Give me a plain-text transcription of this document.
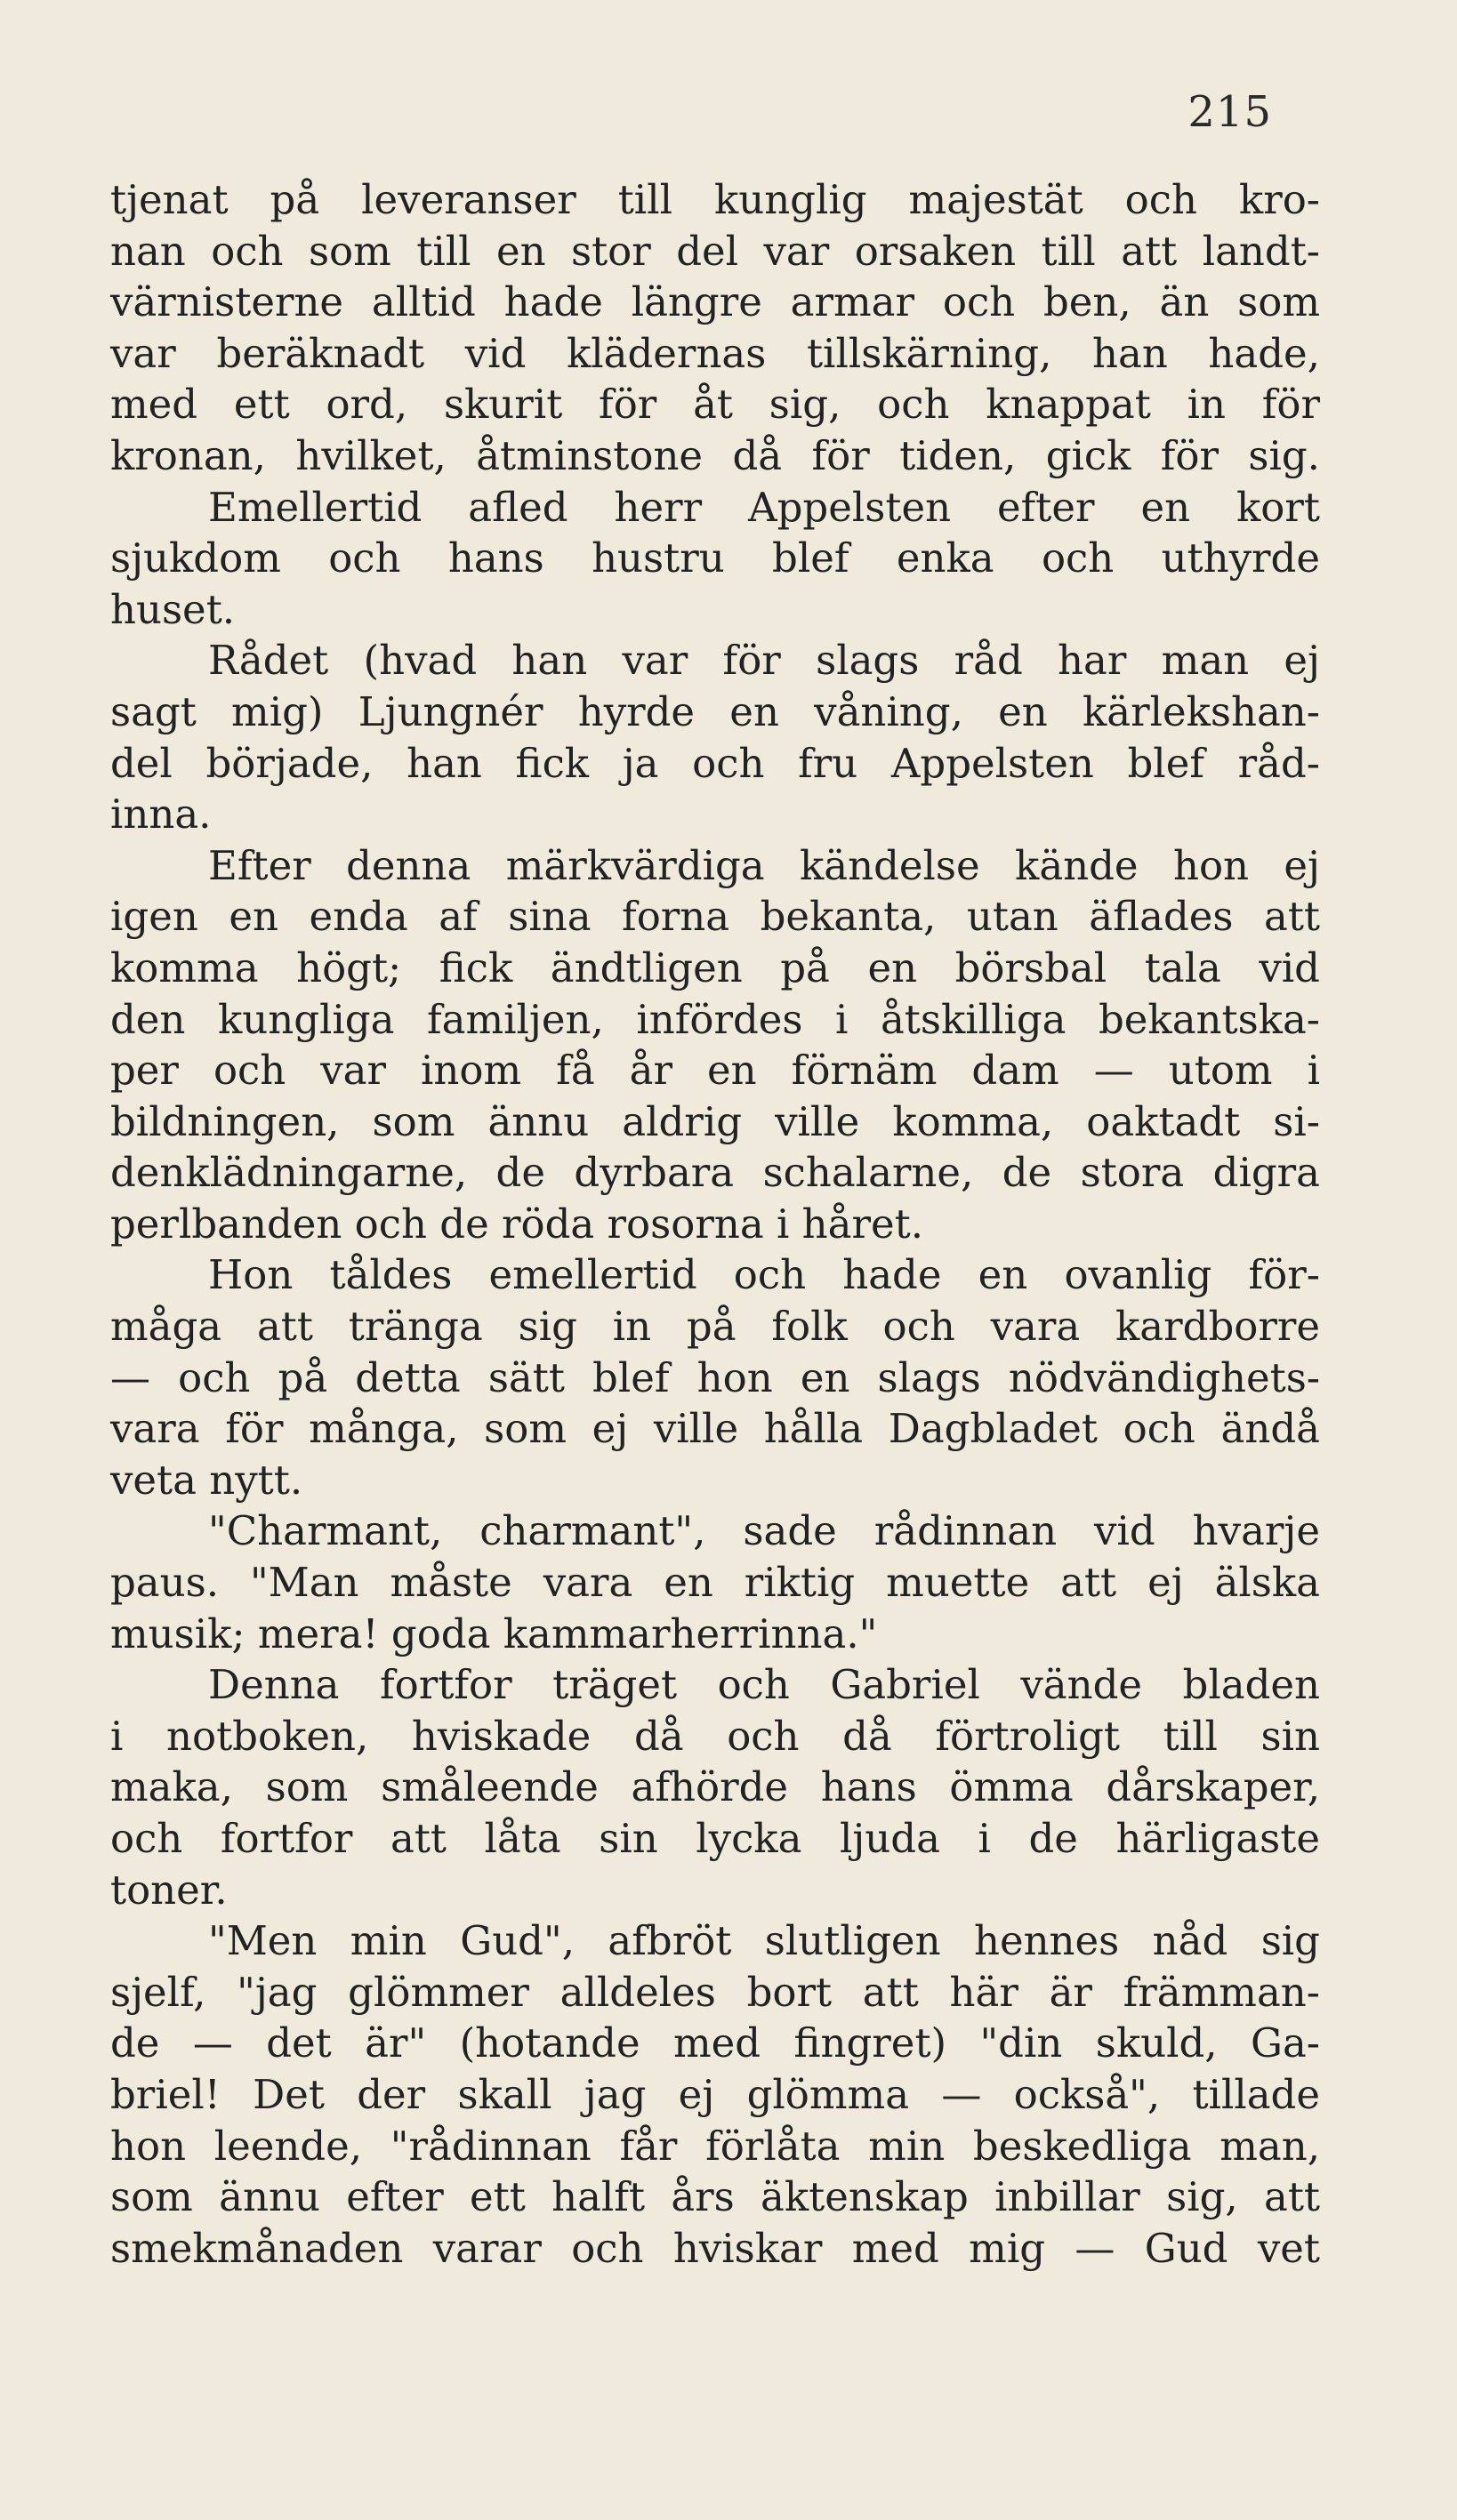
215
tjenat på leveranser till kunglig majestät och kro-
nan och som till en stor del var orsaken till att landt-
värnisterne alltid hade längre armar och ben, än som
var beräknadt vid klädernas tillskärning, han hade,
med ett ord, skurit för åt sig, och knappat in för
kronan, hvilket, åtminstone då för tiden, gick för sig.
Emellertid afled herr Appelsten efter en kort
sjukdom och hans hustru blef enka och uthyrde
huset.
Rådet (hvad han var för slags råd har man ej
sagt mig) Ljungnér hyrde en våning, en kärlekshan-
del började, han fick ja och fru Appelsten blef råd-
inna.
Efter denna märkvärdiga kändelse kände hon ej
igen en enda af sina forna bekanta, utan äflades att
komma högt; fick ändtligen på en börsbal tala vid
den kungliga familjen, infördes i åtskilliga bekantska-
per och var inom få år en förnäm dam — utom i
bildningen, som ännu aldrig ville komma, oaktadt si-
denklädningarne, de dyrbara schalarne, de stora digra
perlbanden och de röda rosorna i håret.
Hon tåldes emellertid och hade en ovanlig för-
måga att tränga sig in på folk och vara kardborre
— och på detta sätt blef hon en slags nödvändighets-
vara för många, som ej ville hålla Dagbladet och ändå
veta nytt.
"Charmant, charmant", sade rådinnan vid hvarje
paus. "Man måste vara en riktig muette att ej älska
musik; mera! goda kammarherrinna."
Denna fortfor träget och Gabriel vände bladen
i notboken, hviskade då och då förtroligt till sin
maka, som småleende afhörde hans ömma dårskaper,
och fortfor att låta sin lycka ljuda i de härligaste
toner.
"Men min Gud", afbröt slutligen hennes nåd sig
sjelf, "jag glömmer alldeles bort att här är främman-
de — det är" (hotande med fingret) "din skuld, Ga-
briel! Det der skall jag ej glömma — också", tillade
hon leende, "rådinnan får förlåta min beskedliga man,
som ännu efter ett halft års äktenskap inbillar sig, att
smekmånaden varar och hviskar med mig — Gud vet
